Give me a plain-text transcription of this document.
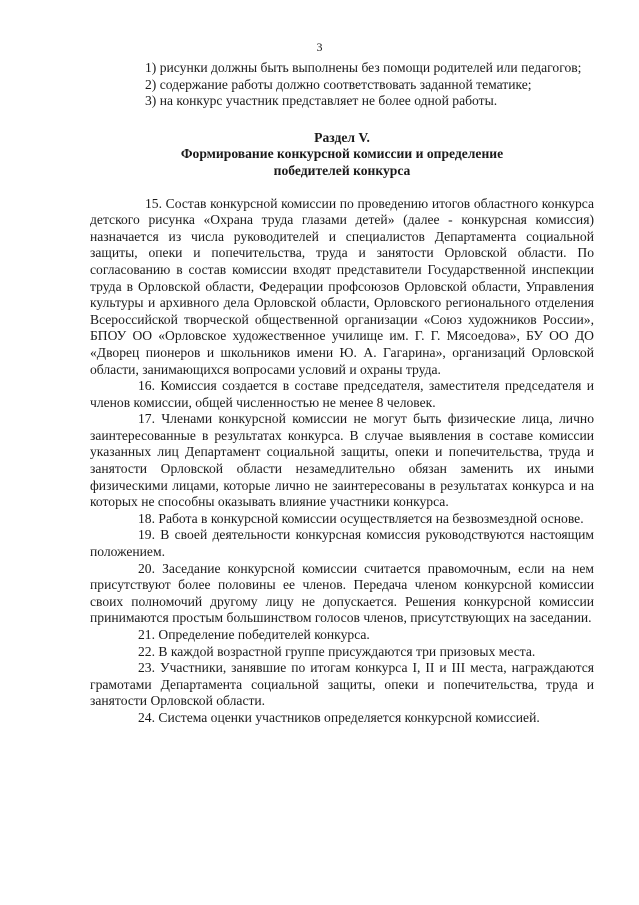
3

1) рисунки должны быть выполнены без помощи родителей или педагогов;

2) содержание работы должно соответствовать заданной тематике;

3) на конкурс участник представляет не более одной работы.

Раздел V.
Формирование конкурсной комиссии и определение
победителей конкурса

15. Состав конкурсной комиссии по проведению итогов областного конкурса детского рисунка «Охрана труда глазами детей» (далее - конкурсная комиссия) назначается из числа руководителей и специалистов Департамента социальной защиты, опеки и попечительства, труда и занятости Орловской области. По согласованию в состав комиссии входят представители Государственной инспекции труда в Орловской области, Федерации профсоюзов Орловской области, Управления культуры и архивного дела Орловской области, Орловского регионального отделения Всероссийской творческой общественной организации «Союз художников России», БПОУ ОО «Орловское художественное училище им. Г. Г. Мясоедова», БУ ОО ДО «Дворец пионеров и школьников имени Ю. А. Гагарина», организаций Орловской области, занимающихся вопросами условий и охраны труда.

16. Комиссия создается в составе председателя, заместителя председателя и членов комиссии, общей численностью не менее 8 человек.

17. Членами конкурсной комиссии не могут быть физические лица, лично заинтересованные в результатах конкурса. В случае выявления в составе комиссии указанных лиц Департамент социальной защиты, опеки и попечительства, труда и занятости Орловской области незамедлительно обязан заменить их иными физическими лицами, которые лично не заинтересованы в результатах конкурса и на которых не способны оказывать влияние участники конкурса.

18. Работа в конкурсной комиссии осуществляется на безвозмездной основе.

19. В своей деятельности конкурсная комиссия руководствуются настоящим положением.

20. Заседание конкурсной комиссии считается правомочным, если на нем присутствуют более половины ее членов. Передача членом конкурсной комиссии своих полномочий другому лицу не допускается. Решения конкурсной комиссии принимаются простым большинством голосов членов, присутствующих на заседании.

21. Определение победителей конкурса.

22. В каждой возрастной группе присуждаются три призовых места.

23. Участники, занявшие по итогам конкурса I, II и III места, награждаются грамотами Департамента социальной защиты, опеки и попечительства, труда и занятости Орловской области.

24. Система оценки участников определяется конкурсной комиссией.
